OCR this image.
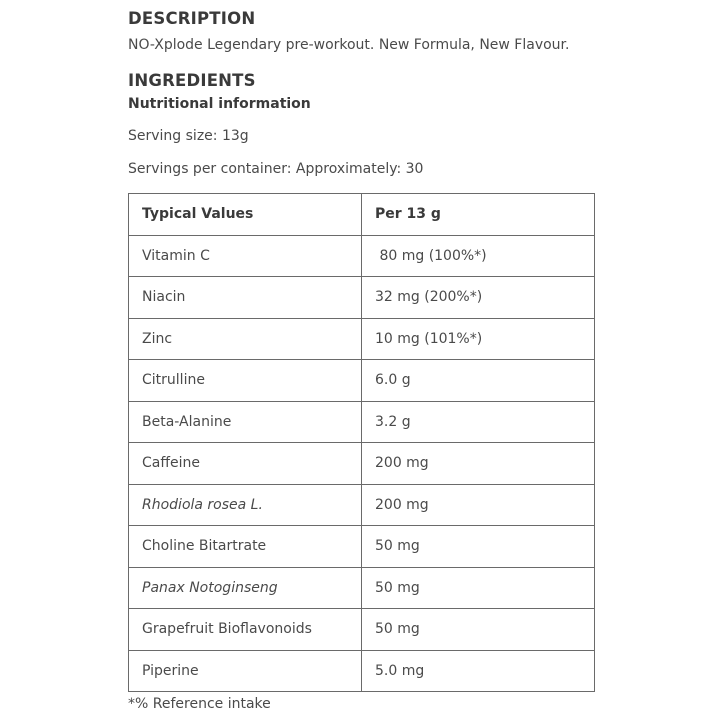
DESCRIPTION

NO-Xplode Legendary pre-workout. New Formula, New Flavour.

INGREDIENTS

Nutritional information

Serving size: 13g

Servings per container: Approximately: 30

Typical Values	Per 13 g
Vitamin C	80 mg (100%*)
Niacin	32 mg (200%*)
Zinc	10 mg (101%*)
Citrulline	6.0 g
Beta-Alanine	3.2 g
Caffeine	200 mg
Rhodiola rosea L.	200 mg
Choline Bitartrate	50 mg
Panax Notoginseng	50 mg
Grapefruit Bioflavonoids	50 mg
Piperine	5.0 mg

*% Reference intake
